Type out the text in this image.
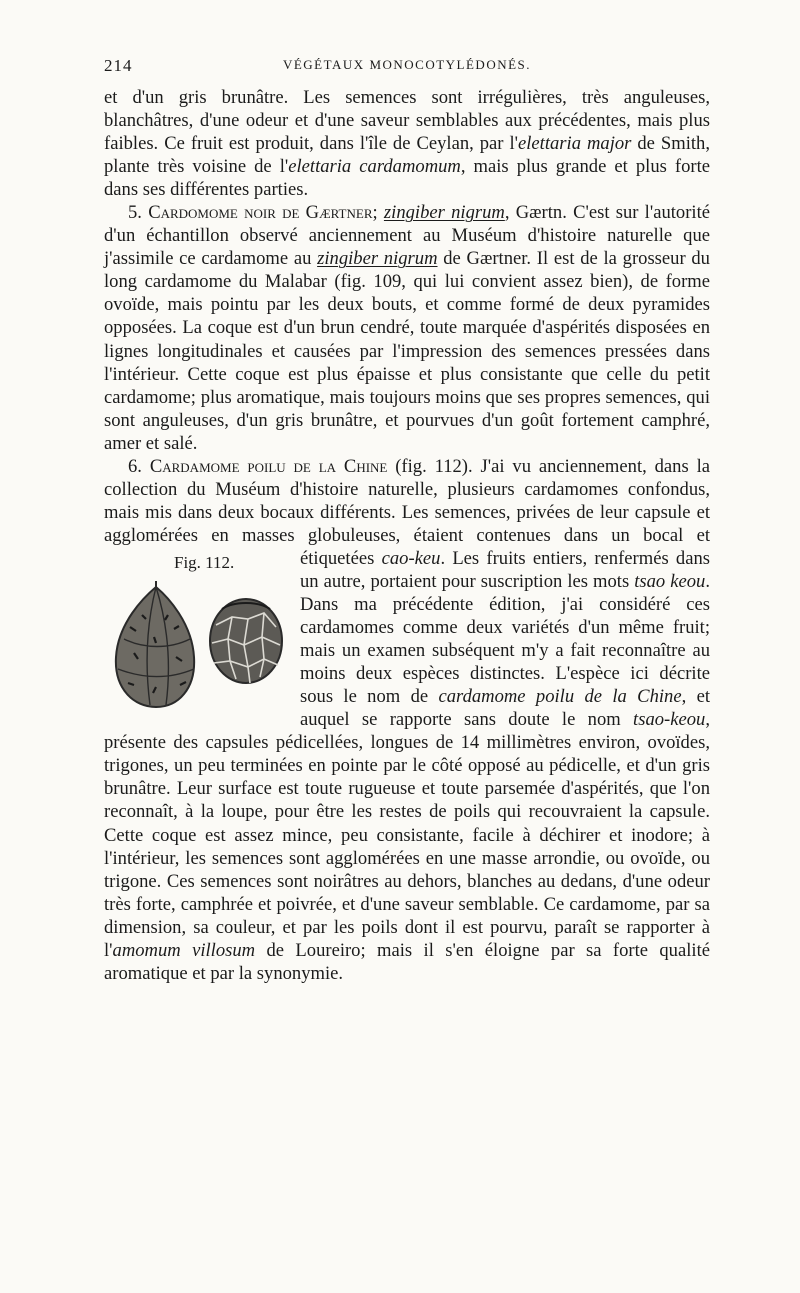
214	VÉGÉTAUX MONOCOTYLÉDONÉS.

et d'un gris brunâtre. Les semences sont irrégulières, très anguleuses, blanchâtres, d'une odeur et d'une saveur semblables aux précédentes, mais plus faibles. Ce fruit est produit, dans l'île de Ceylan, par l'elettaria major de Smith, plante très voisine de l'elettaria cardamomum, mais plus grande et plus forte dans ses différentes parties.

5. Cardomome noir de Gærtner; zingiber nigrum, Gærtn. C'est sur l'autorité d'un échantillon observé anciennement au Muséum d'histoire naturelle que j'assimile ce cardamome au zingiber nigrum de Gærtner. Il est de la grosseur du long cardamome du Malabar (fig. 109, qui lui convient assez bien), de forme ovoïde, mais pointu par les deux bouts, et comme formé de deux pyramides opposées. La coque est d'un brun cendré, toute marquée d'aspérités disposées en lignes longitudinales et causées par l'impression des semences pressées dans l'intérieur. Cette coque est plus épaisse et plus consistante que celle du petit cardamome; plus aromatique, mais toujours moins que ses propres semences, qui sont anguleuses, d'un gris brunâtre, et pourvues d'un goût fortement camphré, amer et salé.

6. Cardamome poilu de la Chine (fig. 112). J'ai vu anciennement, dans la collection du Muséum d'histoire naturelle, plusieurs cardamomes confondus, mais mis dans deux bocaux différents. Les semences, privées de leur capsule et agglomérées en masses globuleuses, étaient contenues dans un bocal et étiquetées
Fig. 112.	cao-keu. Les fruits entiers, renfermés dans un autre, portaient pour suscription les mots tsao keou. Dans ma précédente édition, j'ai considéré ces cardamomes comme deux variétés d'un même fruit; mais un examen subséquent m'y a fait reconnaître au moins deux espèces distinctes. L'espèce ici décrite sous le nom de cardamome poilu de la Chine, et auquel se rapporte sans doute le nom tsao-keou, présente des capsules pédicellées, longues de 14 millimètres environ, ovoïdes, trigones, un peu terminées en pointe par le côté opposé au pédicelle, et d'un gris brunâtre. Leur surface est toute rugueuse et toute parsemée d'aspérités, que l'on reconnaît, à la loupe, pour être les restes de poils qui recouvraient la capsule. Cette coque est assez mince, peu consistante, facile à déchirer et inodore; à l'intérieur, les semences sont agglomérées en une masse arrondie, ou ovoïde, ou trigone. Ces semences sont noirâtres au dehors, blanches au dedans, d'une odeur très forte, camphrée et poivrée, et d'une saveur semblable. Ce cardamome, par sa dimension, sa couleur, et par les poils dont il est pourvu, paraît se rapporter à l'amomum villosum de Loureiro; mais il s'en éloigne par sa forte qualité aromatique et par la synonymie.
